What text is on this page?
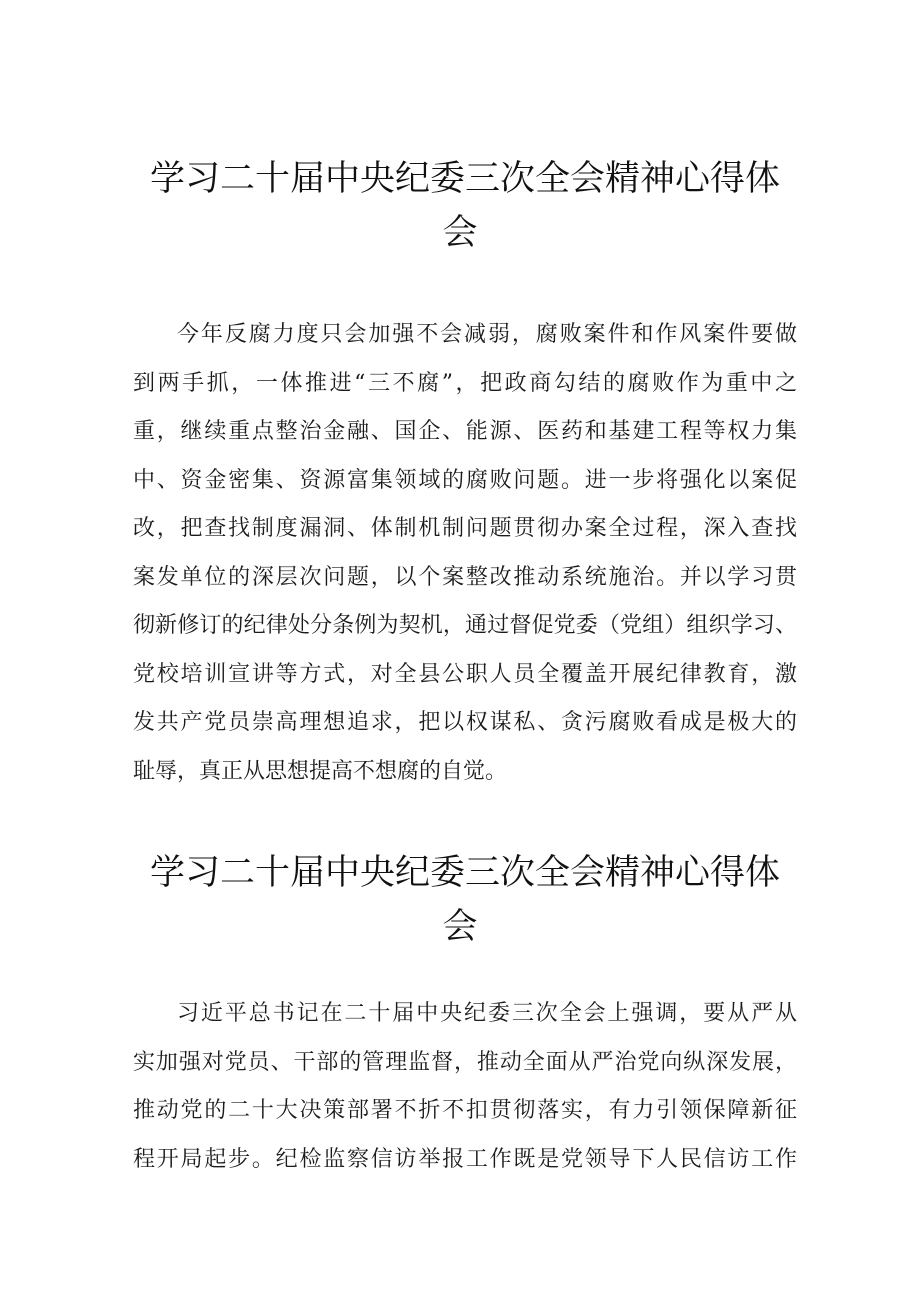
学习二十届中央纪委三次全会精神心得体
会
今年反腐力度只会加强不会减弱，腐败案件和作风案件要做
到两手抓，一体推进“三不腐”，把政商勾结的腐败作为重中之
重，继续重点整治金融、国企、能源、医药和基建工程等权力集
中、资金密集、资源富集领域的腐败问题。进一步将强化以案促
改，把查找制度漏洞、体制机制问题贯彻办案全过程，深入查找
案发单位的深层次问题，以个案整改推动系统施治。并以学习贯
彻新修订的纪律处分条例为契机，通过督促党委（党组）组织学习、
党校培训宣讲等方式，对全县公职人员全覆盖开展纪律教育，激
发共产党员崇高理想追求，把以权谋私、贪污腐败看成是极大的
耻辱，真正从思想提高不想腐的自觉。
学习二十届中央纪委三次全会精神心得体
会
习近平总书记在二十届中央纪委三次全会上强调，要从严从
实加强对党员、干部的管理监督，推动全面从严治党向纵深发展，
推动党的二十大决策部署不折不扣贯彻落实，有力引领保障新征
程开局起步。纪检监察信访举报工作既是党领导下人民信访工作
